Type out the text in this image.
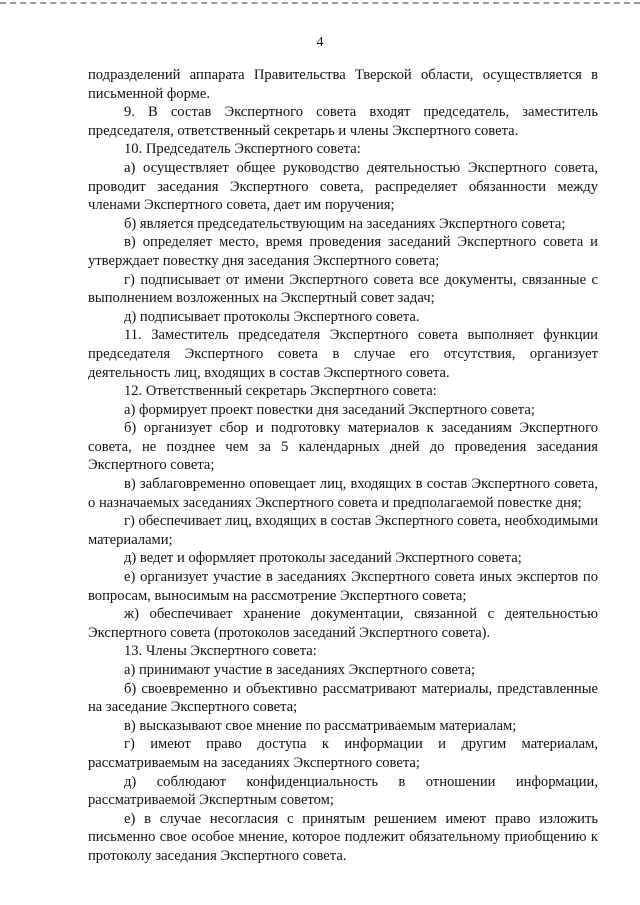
4

подразделений аппарата Правительства Тверской области, осуществляется в письменной форме.

9. В состав Экспертного совета входят председатель, заместитель председателя, ответственный секретарь и члены Экспертного совета.

10. Председатель Экспертного совета:

а) осуществляет общее руководство деятельностью Экспертного совета, проводит заседания Экспертного совета, распределяет обязанности между членами Экспертного совета, дает им поручения;

б) является председательствующим на заседаниях Экспертного совета;

в) определяет место, время проведения заседаний Экспертного совета и утверждает повестку дня заседания Экспертного совета;

г) подписывает от имени Экспертного совета все документы, связанные с выполнением возложенных на Экспертный совет задач;

д) подписывает протоколы Экспертного совета.

11. Заместитель председателя Экспертного совета выполняет функции председателя Экспертного совета в случае его отсутствия, организует деятельность лиц, входящих в состав Экспертного совета.

12. Ответственный секретарь Экспертного совета:

а) формирует проект повестки дня заседаний Экспертного совета;

б) организует сбор и подготовку материалов к заседаниям Экспертного совета, не позднее чем за 5 календарных дней до проведения заседания Экспертного совета;

в) заблаговременно оповещает лиц, входящих в состав Экспертного совета, о назначаемых заседаниях Экспертного совета и предполагаемой повестке дня;

г) обеспечивает лиц, входящих в состав Экспертного совета, необходимыми материалами;

д) ведет и оформляет протоколы заседаний Экспертного совета;

е) организует участие в заседаниях Экспертного совета иных экспертов по вопросам, выносимым на рассмотрение Экспертного совета;

ж) обеспечивает хранение документации, связанной с деятельностью Экспертного совета (протоколов заседаний Экспертного совета).

13. Члены Экспертного совета:

а) принимают участие в заседаниях Экспертного совета;

б) своевременно и объективно рассматривают материалы, представленные на заседание Экспертного совета;

в) высказывают свое мнение по рассматриваемым материалам;

г) имеют право доступа к информации и другим материалам, рассматриваемым на заседаниях Экспертного совета;

д) соблюдают конфиденциальность в отношении информации, рассматриваемой Экспертным советом;

е) в случае несогласия с принятым решением имеют право изложить письменно свое особое мнение, которое подлежит обязательному приобщению к протоколу заседания Экспертного совета.
